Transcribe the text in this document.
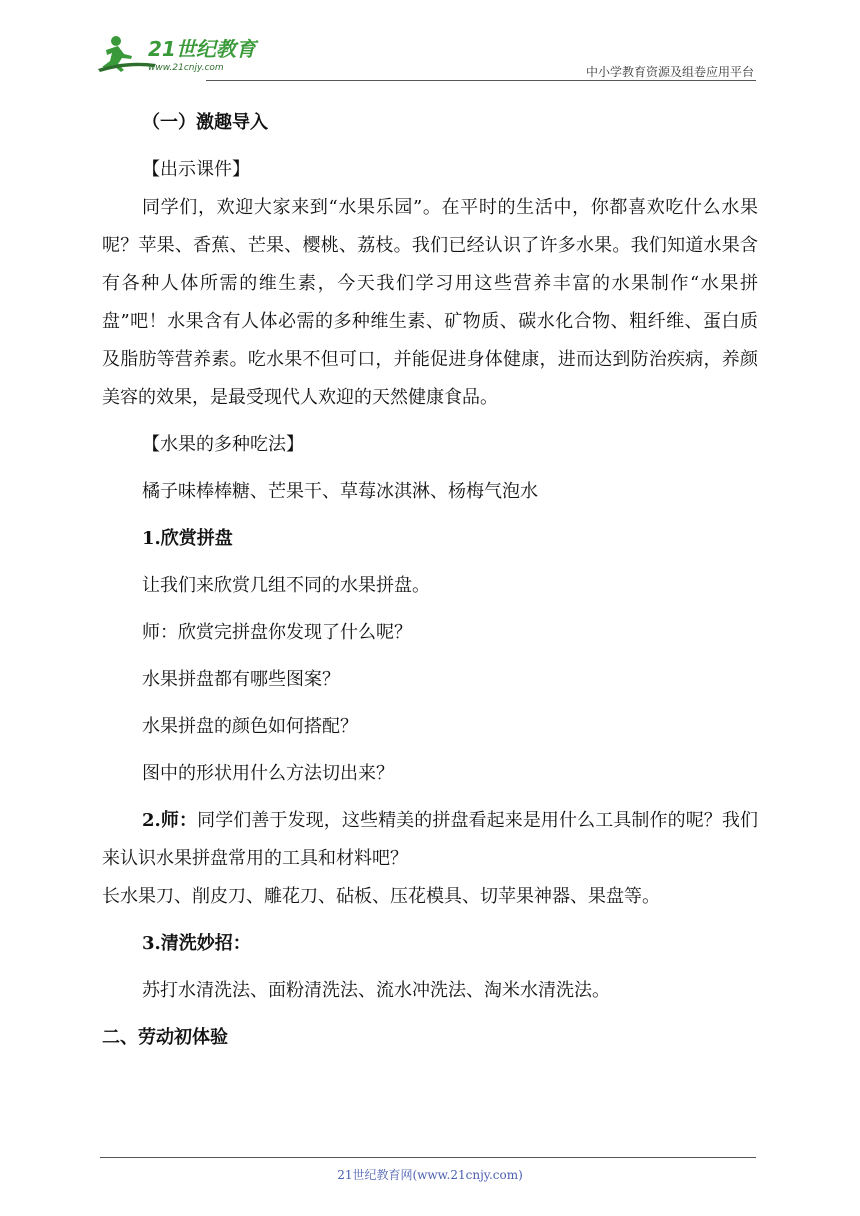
21世纪教育
www.21cnjy.com	中小学教育资源及组卷应用平台

（一）激趣导入

【出示课件】

同学们，欢迎大家来到“水果乐园”。在平时的生活中，你都喜欢吃什么水果呢？苹果、香蕉、芒果、樱桃、荔枝。我们已经认识了许多水果。我们知道水果含有各种人体所需的维生素，今天我们学习用这些营养丰富的水果制作“水果拼盘”吧！水果含有人体必需的多种维生素、矿物质、碳水化合物、粗纤维、蛋白质及脂肪等营养素。吃水果不但可口，并能促进身体健康，进而达到防治疾病，养颜美容的效果，是最受现代人欢迎的天然健康食品。

【水果的多种吃法】

橘子味棒棒糖、芒果干、草莓冰淇淋、杨梅气泡水

1.欣赏拼盘

让我们来欣赏几组不同的水果拼盘。

师：欣赏完拼盘你发现了什么呢？

水果拼盘都有哪些图案？

水果拼盘的颜色如何搭配？

图中的形状用什么方法切出来？

2.师：同学们善于发现，这些精美的拼盘看起来是用什么工具制作的呢？我们来认识水果拼盘常用的工具和材料吧？

长水果刀、削皮刀、雕花刀、砧板、压花模具、切苹果神器、果盘等。

3.清洗妙招：

苏打水清洗法、面粉清洗法、流水冲洗法、淘米水清洗法。

二、劳动初体验

21世纪教育网(www.21cnjy.com)
